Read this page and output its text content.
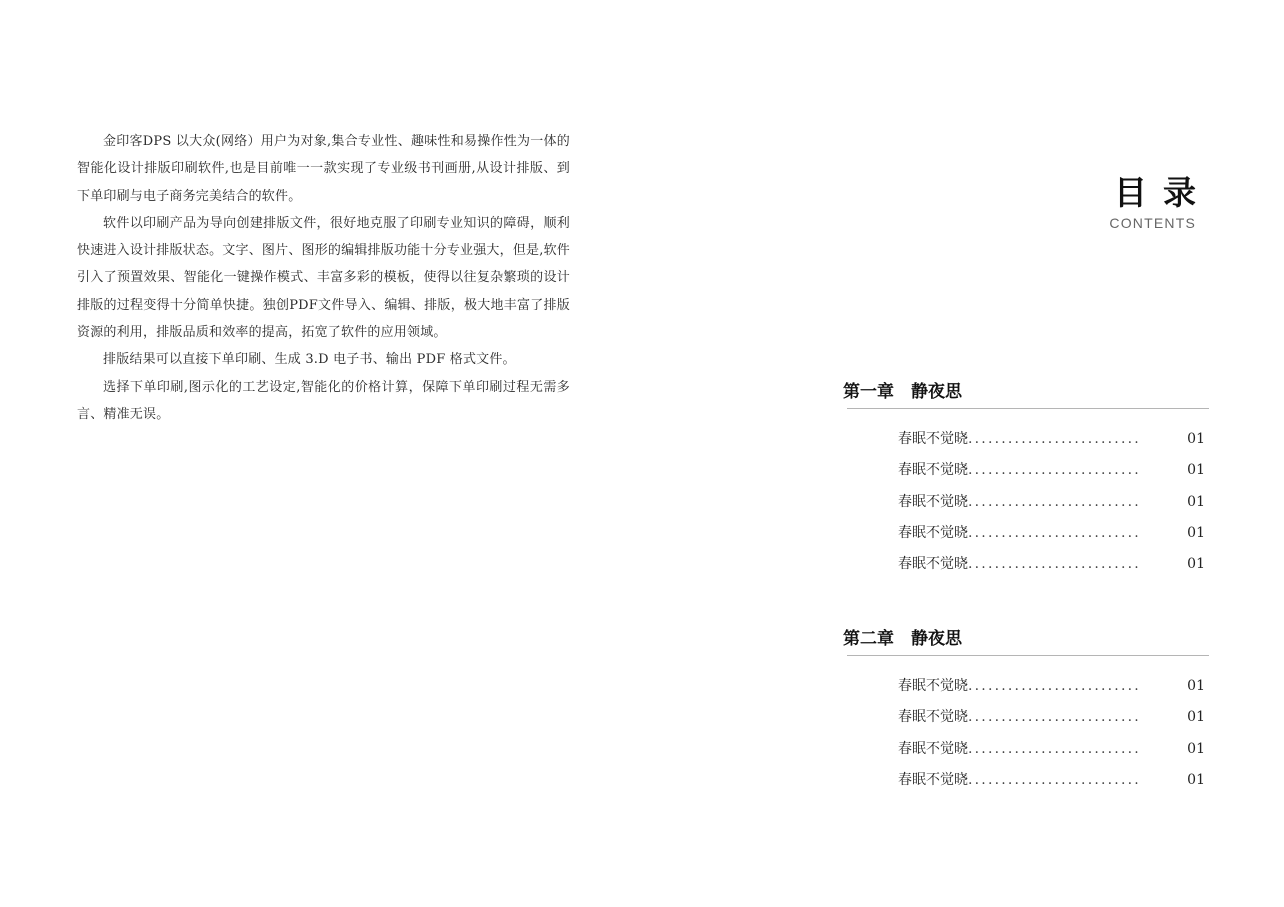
金印客DPS 以大众(网络）用户为对象,集合专业性、趣味性和易操作性为一体的智能化设计排版印刷软件,也是目前唯一一款实现了专业级书刊画册,从设计排版、到下单印刷与电子商务完美结合的软件。

软件以印刷产品为导向创建排版文件，很好地克服了印刷专业知识的障碍，顺利快速进入设计排版状态。文字、图片、图形的编辑排版功能十分专业强大，但是,软件引入了预置效果、智能化一键操作模式、丰富多彩的模板，使得以往复杂繁琐的设计排版的过程变得十分简单快捷。独创PDF文件导入、编辑、排版，极大地丰富了排版资源的利用，排版品质和效率的提高，拓宽了软件的应用领域。

排版结果可以直接下单印刷、生成 3.D 电子书、输出 PDF 格式文件。

选择下单印刷,图示化的工艺设定,智能化的价格计算，保障下单印刷过程无需多言、精准无误。

目录
CONTENTS
第一章　静夜思
春眠不觉晓 ..........................	01
春眠不觉晓 ..........................	01
春眠不觉晓 ..........................	01
春眠不觉晓 ..........................	01
春眠不觉晓 ..........................	01
第二章　静夜思
春眠不觉晓 ..........................	01
春眠不觉晓 ..........................	01
春眠不觉晓 ..........................	01
春眠不觉晓 ..........................	01
